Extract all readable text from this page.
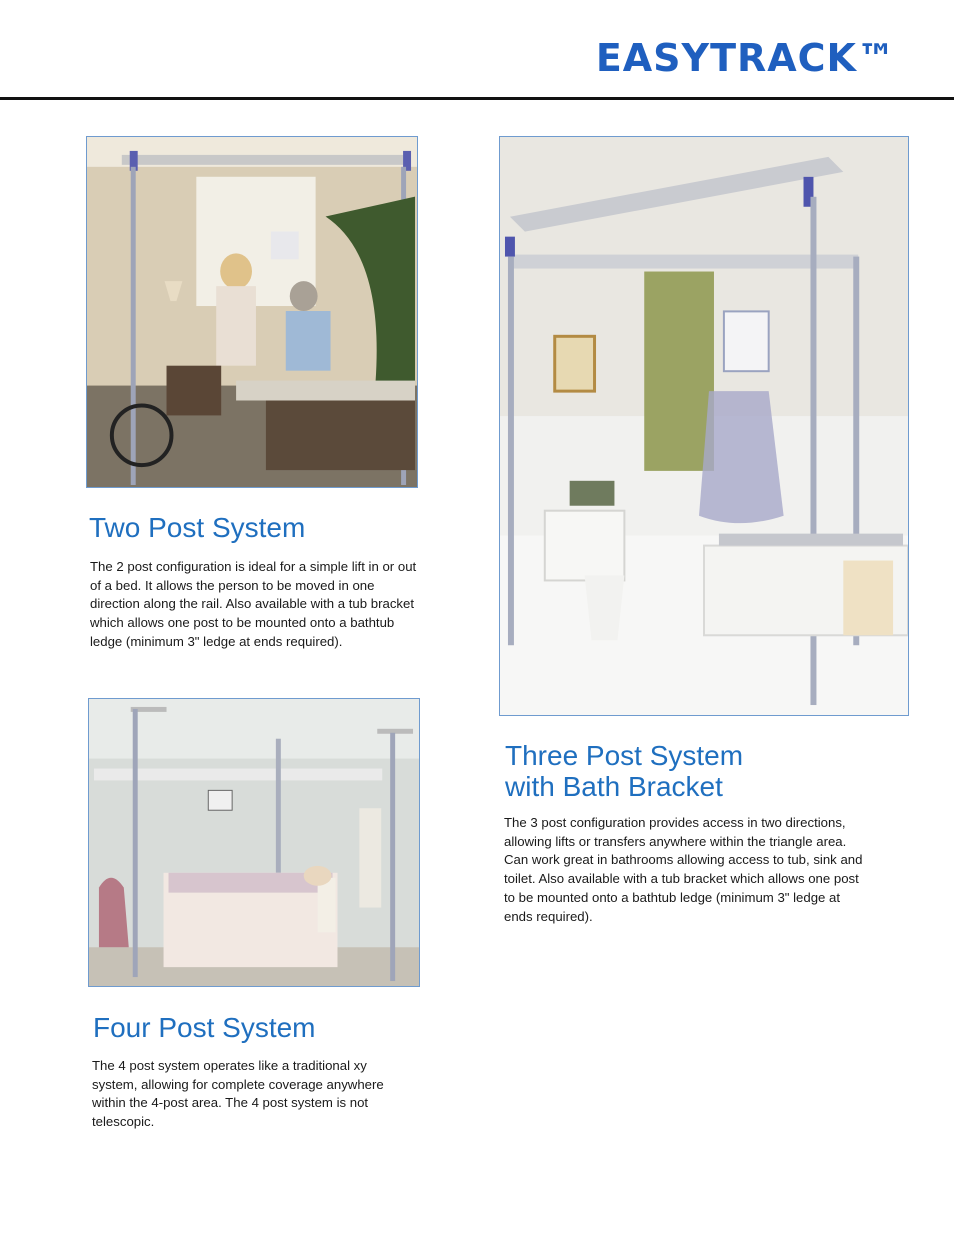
EASYTRACK™
Two Post System

The 2 post configuration is ideal for a simple lift in or out of a bed. It allows the person to be moved in one direction along the rail. Also available with a tub bracket which allows one post to be mounted onto a bathtub ledge (minimum 3" ledge at ends required).

Three Post System
with Bath Bracket

The 3 post configuration provides access in two directions, allowing lifts or transfers anywhere within the triangle area. Can work great in bathrooms allowing access to tub, sink and toilet. Also available with a tub bracket which allows one post to be mounted onto a bathtub ledge (minimum 3" ledge at ends required).

Four Post System

The 4 post system operates like a traditional xy system, allowing for complete coverage anywhere within the 4-post area. The 4 post system is not telescopic.
